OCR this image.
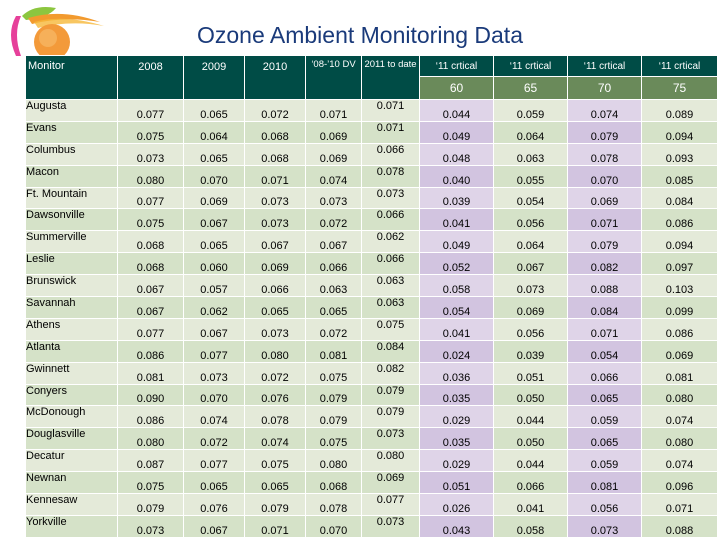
Ozone Ambient Monitoring Data
Monitor	2008	2009	2010	‘08-’10 DV	2011 to date	‘11 crtical	‘11 crtical	‘11 crtical	‘11 crtical
						60	65	70	75
Augusta	0.077	0.065	0.072	0.071	0.071	0.044	0.059	0.074	0.089
Evans	0.075	0.064	0.068	0.069	0.071	0.049	0.064	0.079	0.094
Columbus	0.073	0.065	0.068	0.069	0.066	0.048	0.063	0.078	0.093
Macon	0.080	0.070	0.071	0.074	0.078	0.040	0.055	0.070	0.085
Ft. Mountain	0.077	0.069	0.073	0.073	0.073	0.039	0.054	0.069	0.084
Dawsonville	0.075	0.067	0.073	0.072	0.066	0.041	0.056	0.071	0.086
Summerville	0.068	0.065	0.067	0.067	0.062	0.049	0.064	0.079	0.094
Leslie	0.068	0.060	0.069	0.066	0.066	0.052	0.067	0.082	0.097
Brunswick	0.067	0.057	0.066	0.063	0.063	0.058	0.073	0.088	0.103
Savannah	0.067	0.062	0.065	0.065	0.063	0.054	0.069	0.084	0.099
Athens	0.077	0.067	0.073	0.072	0.075	0.041	0.056	0.071	0.086
Atlanta	0.086	0.077	0.080	0.081	0.084	0.024	0.039	0.054	0.069
Gwinnett	0.081	0.073	0.072	0.075	0.082	0.036	0.051	0.066	0.081
Conyers	0.090	0.070	0.076	0.079	0.079	0.035	0.050	0.065	0.080
McDonough	0.086	0.074	0.078	0.079	0.079	0.029	0.044	0.059	0.074
Douglasville	0.080	0.072	0.074	0.075	0.073	0.035	0.050	0.065	0.080
Decatur	0.087	0.077	0.075	0.080	0.080	0.029	0.044	0.059	0.074
Newnan	0.075	0.065	0.065	0.068	0.069	0.051	0.066	0.081	0.096
Kennesaw	0.079	0.076	0.079	0.078	0.077	0.026	0.041	0.056	0.071
Yorkville	0.073	0.067	0.071	0.070	0.073	0.043	0.058	0.073	0.088
